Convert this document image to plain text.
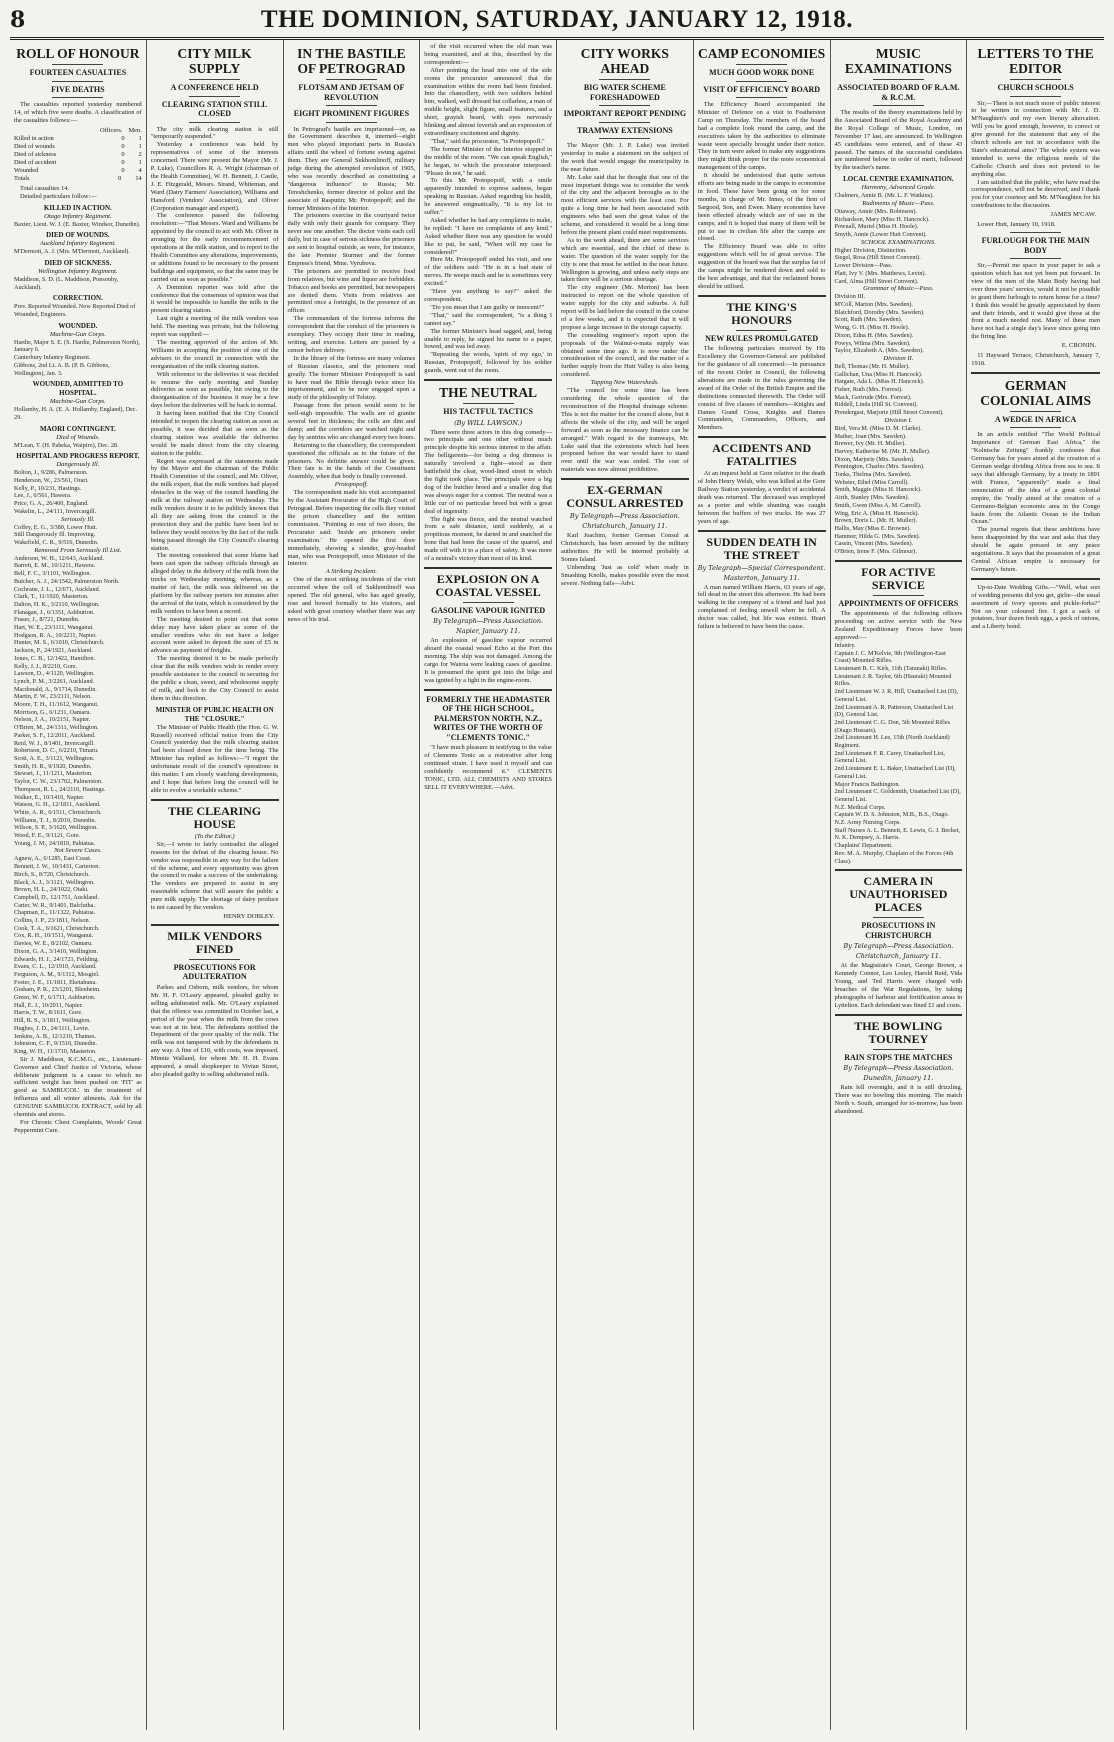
8	THE DOMINION, SATURDAY, JANUARY 12, 1918.
ROLL OF HONOUR
FOURTEEN CASUALTIES
FIVE DEATHS

The casualties reported yesterday numbered 14, of which five were deaths. A classification of the casualties follows:—

Officers. Men.
Killed in action	0 1
Died of wounds	0 1
Died of sickness	0 2
Died of accident	0 1
Wounded	0 4
Totals	0 14

Total casualties 14.

Detailed particulars follow:—

KILLED IN ACTION.
Otago Infantry Regiment.
Baxter, Lieut. W. J. (E. Baxter, Windsor, Dunedin).
DIED OF WOUNDS.
Auckland Infantry Regiment.
M'Dermott, A. J. (Mrs. M'Dermott, Auckland).
DIED OF SICKNESS.
Wellington Infantry Regiment.
Maddison, S. D. (L. Maddison, Ponsonby, Auckland).
CORRECTION.
Prev. Reported Wounded. Now Reported Died of Wounded, Engineers.
WOUNDED.
Machine-Gun Corps.
Hardie, Major S. E. (S. Hardie, Palmerston North), January 6.
Canterbury Infantry Regiment.
Gibbons, 2nd Lt. A. B. (P. B. Gibbons, Wellington), Jan. 3.
WOUNDED, ADMITTED TO HOSPITAL.
Machine-Gun Corps.
Hollamby, H. A. (E. A. Hollamby, England), Dec. 29.
MAORI CONTINGENT.
Died of Wounds.
M'Lean, T. (H. Paheka, Waipiro), Dec. 28.
HOSPITAL AND PROGRESS REPORT.
Dangerously Ill.
Bolton, J., 9/286, Palmerston.
Henderson, W., 23/561, Orari.
Kelly, P., 10/231, Hastings.
Lee, J., 6/561, Hawera.
Price, G. A., 26/400, England.
Wakelin, L., 24/111, Invercargill.
Seriously Ill.
Coffey, E. G., 3/380, Lower Hutt.
Still Dangerously Ill. Improving.
Wakefield, C. R., 9/516, Dunedin.
Removed From Seriously Ill List.
Anderson, W. H., 12/643, Auckland.
Barrett, E. M., 10/1211, Hawera.
Bell, F. C., 3/1101, Wellington.
Butcher, A. J., 24/1542, Palmerston North.
Cochrane, J. L., 12/671, Auckland.
Clark, T., 11/1920, Masterton.
Dalton, H. K., 3/2110, Wellington.
Flanagan, J., 6/1351, Ashburton.
Fraser, J., 8/721, Dunedin.
Hart, W. E., 23/1111, Wanganui.
Hodgson, R. A., 10/2211, Napier.
Hunter, M. S., 6/1010, Christchurch.
Jackson, P., 24/1921, Auckland.
Jones, C. B., 12/1422, Hamilton.
Kelly, J. J., 8/2210, Gore.
Lawson, D., 4/1120, Wellington.
Lynch, P. M., 3/2261, Auckland.
Macdonald, A., 9/1714, Dunedin.
Martin, F. W., 23/2111, Nelson.
Moore, T. H., 11/1612, Wanganui.
Morrison, G., 6/1231, Oamaru.
Nelson, J. A., 10/2151, Napier.
O'Brien, M., 24/1311, Wellington.
Parker, S. F., 12/2011, Auckland.
Reid, W. J., 8/1401, Invercargill.
Robertson, D. C., 6/2210, Timaru.
Scott, A. E., 3/1121, Wellington.
Smith, H. R., 9/1920, Dunedin.
Stewart, J., 11/1211, Masterton.
Taylor, C. W., 23/1702, Palmerston.
Thompson, R. L., 24/2110, Hastings.
Walker, E., 10/1410, Napier.
Watson, G. H., 12/1811, Auckland.
White, A. R., 6/1511, Christchurch.
Williams, T. J., 8/2010, Dunedin.
Wilson, S. P., 3/1620, Wellington.
Wood, F. E., 9/1121, Gore.
Young, J. M., 24/1810, Pahiatua.
Not Severe Cases.
Agnew, A., 6/1285, East Coast.
Bennett, J. W., 10/1431, Carterton.
Birch, S., 8/720, Christchurch.
Black, A. J., 3/1121, Wellington.
Brown, H. L., 24/1022, Otaki.
Campbell, D., 12/1751, Auckland.
Carter, W. R., 9/1401, Balclutha.
Chapman, E., 11/1322, Pahiatua.
Collins, J. P., 23/1811, Nelson.
Cook, T. A., 6/1621, Christchurch.
Cox, R. H., 10/1511, Wanganui.
Davies, W. E., 8/2102, Oamaru.
Dixon, G. A., 3/1410, Wellington.
Edwards, H. J., 24/1721, Feilding.
Evans, C. L., 12/1910, Auckland.
Ferguson, A. M., 9/1312, Mosgiel.
Foster, J. E., 11/1811, Eketahuna.
Graham, P. R., 23/1201, Blenheim.
Green, W. F., 6/1711, Ashburton.
Hall, E. J., 10/2011, Napier.
Harris, T. W., 8/1611, Gore.
Hill, R. S., 3/1811, Wellington.
Hughes, J. D., 24/1111, Levin.
Jenkins, A. B., 12/1210, Thames.
Johnston, C. F., 9/1510, Dunedin.
King, W. H., 11/1710, Masterton.

Sir J. Maddison, K.C.M.G., etc., Lieutenant-Governor and Chief Justice of Victoria, whose deliberate judgment is a cause to which no sufficient weight has been pushed on 'FIT' as good as SAMBUCOL' in the treatment of influenza and all winter ailments. Ask for the GENUINE SAMBUCOL EXTRACT, sold by all chemists and stores.

For Chronic Chest Complaints, Woods' Great Peppermint Cure.

CITY MILK SUPPLY
A CONFERENCE HELD
CLEARING STATION STILL CLOSED

The city milk clearing station is still "temporarily suspended."

Yesterday a conference was held by representatives of some of the interests concerned. There were present the Mayor (Mr. J. P. Luke), Councillors R. A. Wright (chairman of the Health Committee), W. H. Bennett, J. Castle, J. E. Fitzgerald, Messrs. Strand, Whiteman, and Ward (Dairy Farmers' Association), Williams and Hansford (Vendors' Association), and Oliver (Corporation manager and expert).

The conference passed the following resolution:—"That Messrs. Ward and Williams be appointed by the council to act with Mr. Oliver in arranging for the early recommencement of operations at the milk station, and to report to the Health Committee any alterations, improvements, or additions found to be necessary to the present buildings and equipment, so that the same may be carried out as soon as possible."

A Dominion reporter was told after the conference that the consensus of opinion was that it would be impossible to handle the milk in the present clearing station.

Last night a meeting of the milk vendors was held. The meeting was private, but the following report was supplied:—

The meeting approved of the action of Mr. Williams in accepting the position of one of the advisers to the council in connection with the reorganisation of the milk clearing station.

With reference to the deliveries it was decided to resume the early morning and Sunday deliveries as soon as possible, but owing to the disorganisation of the business it may be a few days before the deliveries will be back to normal.

It having been notified that the City Council intended to reopen the clearing station as soon as possible, it was decided that as soon as the clearing station was available the deliveries would be made direct from the city clearing station to the public.

Regret was expressed at the statements made by the Mayor and the chairman of the Public Health Committee of the council, and Mr. Oliver, the milk expert, that the milk vendors had played obstacles in the way of the council handling the milk at the railway station on Wednesday. The milk vendors desire it to be publicly known that all they are asking from the council is the protection they and the public have been led to believe they would receive by the fact of the milk being passed through the City Council's clearing station.

The meeting considered that some blame had been cast upon the railway officials through an alleged delay in the delivery of the milk from the trucks on Wednesday morning, whereas, as a matter of fact, the milk was delivered on the platform by the railway porters ten minutes after the arrival of the train, which is considered by the milk vendors to have been a record.

The meeting desired to point out that some delay may have taken place as some of the smaller vendors who do not have a ledger account were asked to deposit the sum of £5 in advance as payment of freights.

The meeting desired it to be made perfectly clear that the milk vendors wish to render every possible assistance to the council in securing for the public a clean, sweet, and wholesome supply of milk, and look to the City Council to assist them in this direction.

MINISTER OF PUBLIC HEALTH ON THE "CLOSURE."

The Minister of Public Health (the Hon. G. W. Russell) received official notice from the City Council yesterday that the milk clearing station had been closed down for the time being. The Minister has replied as follows:—"I regret the unfortunate result of the council's operations in this matter. I am closely watching developments, and I hope that before long the council will be able to evolve a workable scheme."

THE CLEARING HOUSE
(To the Editor.)

Sir,—I wrote to fairly contradict the alleged reasons for the defeat of the clearing house. No vendor was responsible in any way for the failure of the scheme, and every opportunity was given the council to make a success of the undertaking. The vendors are prepared to assist in any reasonable scheme that will assure the public a pure milk supply. The shortage of dairy produce is not caused by the vendors.

HENRY DOBLEY.
MILK VENDORS FINED
PROSECUTIONS FOR ADULTERATION

Parkes and Osborn, milk vendors, for whom Mr. H. F. O'Leary appeared, pleaded guilty to selling adulterated milk. Mr. O'Leary explained that the offence was committed in October last, a period of the year when the milk from the cows was not at its best. The defendants notified the Department of the poor quality of the milk. The milk was not tampered with by the defendants in any way. A fine of £10, with costs, was imposed. Minnie Walland, for whom Mr. H. H. Evans appeared, a small shopkeeper in Vivian Street, also pleaded guilty to selling adulterated milk.

IN THE BASTILE OF PETROGRAD
FLOTSAM AND JETSAM OF REVOLUTION
EIGHT PROMINENT FIGURES

In Petrograd's bastile are imprisoned—or, as the Government describes it, interned—eight men who played important parts in Russia's affairs until the wheel of fortune swung against them. They are General Sukhomlinoff, military judge during the attempted revolution of 1905, who was recently described as constituting a "dangerous influence" to Russia; Mr. Tereshchenko, former director of police and the associate of Rasputin; Mr. Protopopoff; and the former Ministers of the Interior.

The prisoners exercise in the courtyard twice daily with only their guards for company. They never see one another. The doctor visits each cell daily, but in case of serious sickness the prisoners are sent to hospital outside, as were, for instance, the late Premier Sturmer and the former Empress's friend, Mme. Vyrubova.

The prisoners are permitted to receive food from relatives, but wine and liquor are forbidden. Tobacco and books are permitted, but newspapers are denied them. Visits from relatives are permitted once a fortnight, in the presence of an officer.

The commandant of the fortress informs the correspondent that the conduct of the prisoners is exemplary. They occupy their time in reading, writing, and exercise. Letters are passed by a censor before delivery.

In the library of the fortress are many volumes of Russian classics, and the prisoners read greatly. The former Minister Protopopoff is said to have read the Bible through twice since his imprisonment, and to be now engaged upon a study of the philosophy of Tolstoy.

Passage from the prison would seem to be well-nigh impossible. The walls are of granite several feet in thickness; the cells are dim and damp; and the corridors are watched night and day by sentries who are changed every two hours.

Returning to the chancellery, the correspondent questioned the officials as to the future of the prisoners. No definite answer could be given. Their fate is in the hands of the Constituent Assembly, when that body is finally convened.

Protopopoff.

The correspondent made his visit accompanied by the Assistant Procurator of the High Court of Petrograd. Before inspecting the cells they visited the prison chancellery and the written commission. "Pointing to one of two doors, the Procurator said: 'Inside are prisoners under examination.' He opened the first door immediately, showing a slender, gray-headed man, who was Protopopoff, once Minister of the Interior.

A Striking Incident.

One of the most striking incidents of the visit occurred when the cell of Sukhomlinoff was opened. The old general, who has aged greatly, rose and bowed formally to his visitors, and asked with great courtesy whether there was any news of his trial.

of the visit occurred when the old man was being examined, and at this, described by the correspondent:—

After pointing the head into one of the side rooms the procurator announced that the examination within the room had been finished. Into the chancellery, with two soldiers behind him, walked, well dressed but collarless, a man of middle height, slight figure, small features, and a short, grayish beard, with eyes nervously blinking and almost feverish and an expression of extraordinary excitement and dignity.

"That," said the procurator, "is Protopopoff."

The former Minister of the Interior stopped in the middle of the room. "We can speak English," he began, to which the procurator interposed: "Please do not," he said.

To this Mr. Protopopoff, with a smile apparently intended to express sadness, began speaking in Russian. Asked regarding his health, he answered enigmatically, "It is my lot to suffer."

Asked whether he had any complaints to make, he replied: "I have no complaints of any kind." Asked whether there was any question he would like to put, he said, "When will my case be considered?"

Here Mr. Protopopoff ended his visit, and one of the soldiers said: "He is in a bad state of nerves. He weeps much and he is sometimes very excited."

"Have you anything to say?" asked the correspondent.

"Do you mean that I am guilty or innocent?"

"That," said the correspondent, "is a thing I cannot say."

The former Minister's head sagged, and, being unable to reply, he signed his name to a paper, bowed, and was led away.

"Repeating the words, 'spirit of my ego,' in Russian, Protopopoff, followed by his soldier guards, went out of the room.

THE NEUTRAL
HIS TACTFUL TACTICS
(By WILL LAWSON.)

There were three actors in this dog comedy—two principals and one other without much principle despite his serious interest in the affair. The belligerents—for being a dog dimness is naturally involved a fight—stood as their battlefield the clear, wood-lined street in which the fight took place. The principals were a big dog of the butcher breed and a smaller dog that was always eager for a contest. The neutral was a little cur of no particular breed but with a great deal of ingenuity.

The fight was fierce, and the neutral watched from a safe distance, until suddenly, at a propitious moment, he darted in and snatched the bone that had been the cause of the quarrel, and made off with it to a place of safety. It was more of a neutral's victory than most of its kind.

EXPLOSION ON A COASTAL VESSEL
GASOLINE VAPOUR IGNITED
By Telegraph—Press Association.
Napier, January 11.

An explosion of gasoline vapour occurred aboard the coastal vessel Echo at the Port this morning. The ship was not damaged. Among the cargo for Wairoa were leaking cases of gasoline. It is presumed the spirit got into the bilge and was ignited by a light in the engine-room.

FORMERLY THE HEADMASTER OF THE HIGH SCHOOL, PALMERSTON NORTH, N.Z., WRITES OF THE WORTH OF "CLEMENTS TONIC."

"I have much pleasure in testifying to the value of Clements Tonic as a restorative after long continued strain. I have used it myself and can confidently recommend it." CLEMENTS TONIC, LTD. ALL CHEMISTS AND STORES SELL IT EVERYWHERE.—Advt.

CITY WORKS AHEAD
BIG WATER SCHEME FORESHADOWED
IMPORTANT REPORT PENDING
TRAMWAY EXTENSIONS

The Mayor (Mr. J. P. Luke) was invited yesterday to make a statement on the subject of the work that would engage the municipality in the near future.

Mr. Luke said that he thought that one of the most important things was to consider the work of the city and the adjacent boroughs as to the most efficient services with the least cost. For quite a long time he had been associated with engineers who had seen the great value of the scheme, and considered it would be a long time before the present plant could meet requirements.

As to the work ahead, there are some services which are essential, and the chief of these is water. The question of the water supply for the city is one that must be settled in the near future. Wellington is growing, and unless early steps are taken there will be a serious shortage.

The city engineer (Mr. Morton) has been instructed to report on the whole question of water supply for the city and suburbs. A full report will be laid before the council in the course of a few weeks, and it is expected that it will propose a large increase in the storage capacity.

The consulting engineer's report upon the proposals of the Wainui-o-mata supply was obtained some time ago. It is now under the consideration of the council, and the matter of a further supply from the Hutt Valley is also being considered.

Tapping New Watersheds.

"The council for some time has been considering the whole question of the reconstruction of the Hospital drainage scheme. This is not the matter for the council alone, but it affects the whole of the city, and will be urged forward as soon as the necessary finance can be arranged." With regard to the tramways, Mr. Luke said that the extensions which had been proposed before the war would have to stand over until the war was ended. The cost of materials was now almost prohibitive.

EX-GERMAN CONSUL ARRESTED
By Telegraph—Press Association.
Christchurch, January 11.

Karl Joachim, former German Consul at Christchurch, has been arrested by the military authorities. He will be interned probably at Somes Island.

Unbending 'Just as cold' when ready in Smashing Knolls, makes possible even the most severe. Nothing fails—Advt.

CAMP ECONOMIES
MUCH GOOD WORK DONE
VISIT OF EFFICIENCY BOARD

The Efficiency Board accompanied the Minister of Defence on a visit to Featherston Camp on Thursday. The members of the board had a complete look round the camp, and the executives taken by the authorities to eliminate waste were specially brought under their notice. They in turn were asked to make any suggestions they might think proper for the more economical management of the camps.

It should be understood that quite serious efforts are being made in the camps to economise in food. These have been going on for some months, in charge of Mr. Innes, of the firm of Sargood, Son, and Ewen. Many economies have been effected already which are of use in the camps, and it is hoped that many of them will be put to use in civilian life after the camps are closed.

The Efficiency Board was able to offer suggestions which will be of great service. The suggestion of the board was that the surplus fat of the camps might be rendered down and sold to the best advantage, and that the reclaimed bones should be utilised.

THE KING'S HONOURS
NEW RULES PROMULGATED

The following particulars received by His Excellency the Governor-General are published for the guidance of all concerned:—In pursuance of the recent Order in Council, the following alterations are made in the rules governing the award of the Order of the British Empire and the distinctions connected therewith. The Order will consist of five classes of members—Knights and Dames Grand Cross, Knights and Dames Commanders, Commanders, Officers, and Members.

ACCIDENTS AND FATALITIES

At an inquest held at Gore relative to the death of John Henry Welsh, who was killed at the Gore Railway Station yesterday, a verdict of accidental death was returned. The deceased was employed as a porter and while shunting was caught between the buffers of two trucks. He was 27 years of age.

SUDDEN DEATH IN THE STREET
By Telegraph—Special Correspondent.
Masterton, January 11.

A man named William Harris, 63 years of age, fell dead in the street this afternoon. He had been walking in the company of a friend and had just complained of feeling unwell when he fell. A doctor was called, but life was extinct. Heart failure is believed to have been the cause.

MUSIC EXAMINATIONS
ASSOCIATED BOARD OF R.A.M. & R.C.M.

The results of the theory examinations held by the Associated Board of the Royal Academy and the Royal College of Music, London, on November 17 last, are announced. In Wellington 45 candidates were entered, and of these 43 passed. The names of the successful candidates are numbered below in order of merit, followed by the teacher's name.

LOCAL CENTRE EXAMINATION.
Harmony, Advanced Grade.
Chalmers, Annie B. (Mr. L. F. Watkins).
Rudiments of Music—Pass.
Ottaway, Annie (Mrs. Robinson).
Richardson, Mary (Miss H. Hancock).
Pownall, Muriel (Miss H. Hoole).
Smyth, Annie (Lower Hutt Convent).
SCHOOL EXAMINATIONS.
Higher Division, Distinction.
Siegel, Rosa (Hill Street Convent).
Lower Division—Pass.
Platt, Ivy V. (Mrs. Matthews, Levin).
Card, Alma (Hill Street Convent).
Grammar of Music—Pass.
Division III.
M'Coll, Marion (Mrs. Sawden).
Blatchford, Dorothy (Mrs. Sawden).
Scott, Ruth (Mrs. Sawden).
Wong, G. H. (Miss H. Hoole).
Dixon, Edna H. (Mrs. Sawden).
Powys, Wilma (Mrs. Sawden).
Taylor, Elizabeth A. (Mrs. Sawden).
Division II.
Bell, Thomas (Mr. H. Muller).
Gallichan, Una (Miss H. Hancock).
Hargate, Ada L. (Miss H. Hancock).
Fisher, Ruth (Mrs. Forrest).
Mack, Gertrude (Mrs. Forrest).
Riddell, Linda (Hill St. Convent).
Prendergast, Marjorie (Hill Street Convent).
Division I.
Bird, Vera M. (Miss D. M. Clarke).
Mather, Joan (Mrs. Sawden).
Brewer, Ivy (Mr. H. Muller).
Harvey, Katherine M. (Mr. H. Muller).
Dixon, Marjorie (Mrs. Sawden).
Pennington, Charles (Mrs. Sawden).
Tonks, Thelma (Mrs. Sawden).
Webster, Ethel (Miss Carroll).
Smith, Maggie (Miss H. Hancock).
Airth, Stanley (Mrs. Sawden).
Smith, Gwen (Miss A. M. Carroll).
Wing, Eric A. (Miss H. Hancock).
Brown, Doris L. (Mr. H. Muller).
Hallis, May (Miss E. Browne).
Hammer, Hilda G. (Mrs. Sawden).
Cassin, Vincent (Mrs. Sawden).
O'Brien, Irene F. (Mrs. Gilmour).
FOR ACTIVE SERVICE
APPOINTMENTS OF OFFICERS

The appointments of the following officers proceeding on active service with the New Zealand Expeditionary Forces have been approved:—

Infantry.
Captain J. C. M'Kelvie, 9th (Wellington-East Coast) Mounted Rifles.
Lieutenant B. C. Kirk, 11th (Taranaki) Rifles.
Lieutenant J. R. Taylor, 6th (Hauraki) Mounted Rifles.
2nd Lieutenant W. J. R. Hill, Unattached List (D), General List.
2nd Lieutenant A. R. Patterson, Unattached List (D), General List.
2nd Lieutenant C. G. Don, 5th Mounted Rifles (Otago Hussars).
2nd Lieutenant H. Lee, 15th (North Auckland) Regiment.
2nd Lieutenant F. R. Carey, Unattached List, General List.
2nd Lieutenant E. L. Baker, Unattached List (D), General List.
Major Francis Bathington.
2nd Lieutenant C. Goldsmith, Unattached List (D), General List.
N.Z. Medical Corps.
Captain W. D. S. Johnston, M.B., B.S., Otago.
N.Z. Army Nursing Corps.
Staff Nurses A. L. Bennett, E. Lewis, G. J. Becket, N. K. Dempsey, A. Harris.
Chaplains' Department.
Rev. M. A. Murphy, Chaplain of the Forces (4th Class).
CAMERA IN UNAUTHORISED PLACES
PROSECUTIONS IN CHRISTCHURCH
By Telegraph—Press Association.
Christchurch, January 11.

At the Magistrate's Court, George Brown, a Kennedy Connor, Leo Lesley, Harold Reid, Vida Young, and Ted Harris were charged with breaches of the War Regulations, by taking photographs of harbour and fortification areas in Lyttelton. Each defendant was fined £1 and costs.

THE BOWLING TOURNEY
RAIN STOPS THE MATCHES
By Telegraph—Press Association.
Dunedin, January 11.

Rain fell overnight, and it is still drizzling. There was no bowling this morning. The match North v. South, arranged for to-morrow, has been abandoned.

LETTERS TO THE EDITOR
CHURCH SCHOOLS

Sir,—There is not much more of public interest to be written in connection with Mr. J. D. M'Naughten's and my own literary altercation. Will you be good enough, however, to correct or give ground for the statement that any of the church schools are not in accordance with the State's educational aims? The whole system was intended to serve the religious needs of the Catholic Church and does not pretend to be anything else.

I am satisfied that the public, who have read the correspondence, will not be deceived, and I thank you for your courtesy and Mr. M'Naughten for his contributions to the discussion.

JAMES M'CAW.

Lower Hutt, January 10, 1918.

FURLOUGH FOR THE MAIN BODY

Sir,—Permit me space in your paper to ask a question which has not yet been put forward. In view of the men of the Main Body having had over three years' service, would it not be possible to grant them furlough to return home for a time? I think this would be greatly appreciated by them and their friends, and it would give those at the front a much needed rest. Many of these men have not had a single day's leave since going into the firing line.

E. CRONIN.

11 Hayward Terrace, Christchurch, January 7, 1918.

GERMAN COLONIAL AIMS
A WEDGE IN AFRICA

In an article entitled "The World Political Importance of German East Africa," the "Kolnische Zeitung" frankly confesses that Germany has for years aimed at the creation of a German wedge dividing Africa from sea to sea. It says that although Germany, by a treaty in 1891 with France, "apparently" made a final renunciation of the idea of a great colonial empire, the "really aimed at the creation of a Germano-Belgian economic area in the Congo basin from the Atlantic Ocean to the Indian Ocean."

The journal regrets that these ambitions have been disappointed by the war and asks that they should be again pressed in any peace negotiations. It says that the possession of a great Central African empire is necessary for Germany's future.

Up-to-Date Wedding Gifts.—"Well, what sort of wedding presents did you get, girlie—the usual assortment of ivory spoons and pickle-forks?" Not on your coloured fire. I got a sack of potatoes, four dozen fresh eggs, a peck of onions, and a Liberty bond.
